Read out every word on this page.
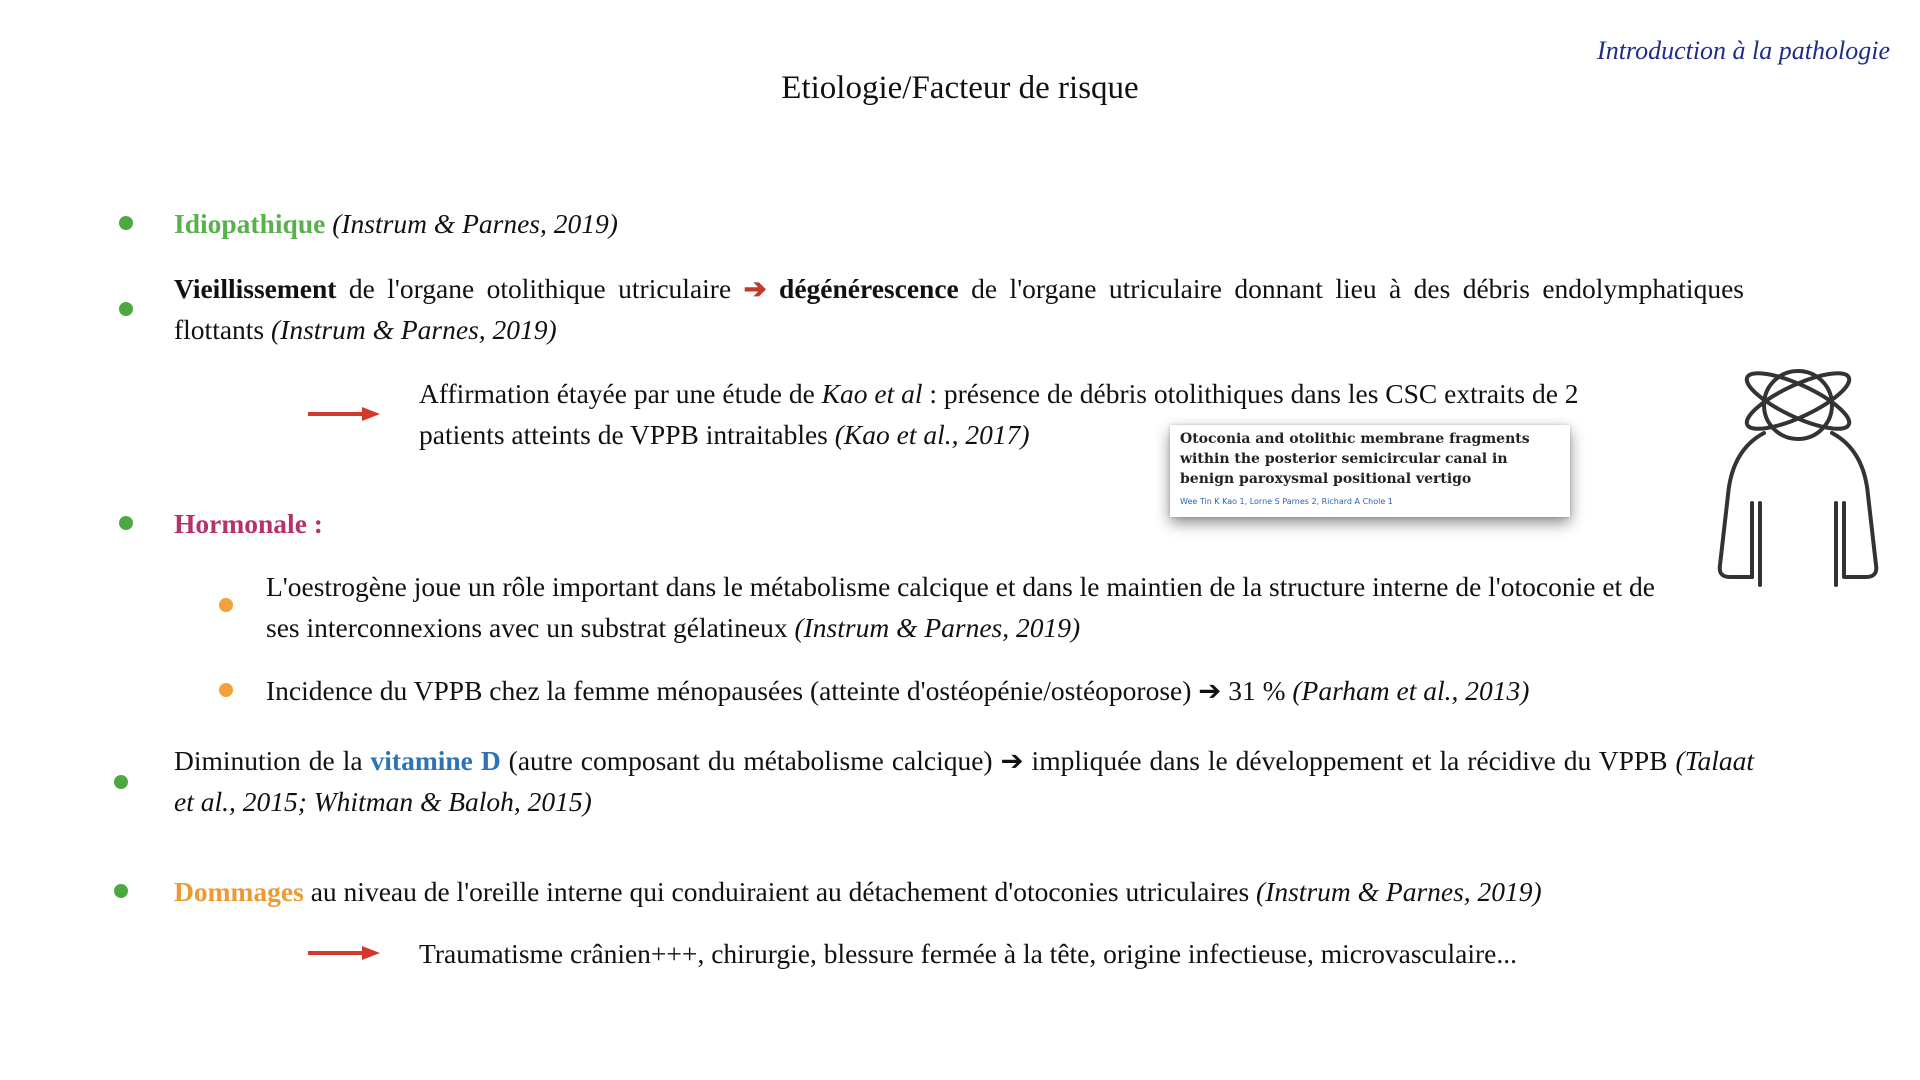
Introduction à la pathologie
Etiologie/Facteur de risque
Idiopathique (Instrum & Parnes, 2019)
Vieillissement de l'organe otolithique utriculaire ➔ dégénérescence de l'organe utriculaire donnant lieu à des débris endolymphatiques flottants (Instrum & Parnes, 2019)
Affirmation étayée par une étude de Kao et al : présence de débris otolithiques dans les CSC extraits de 2 patients atteints de VPPB intraitables (Kao et al., 2017)	Otoconia and otolithic membrane fragments within the posterior semicircular canal in benign paroxysmal positional vertigo
Wee Tin K Kao 1, Lorne S Parnes 2, Richard A Chole 1
Hormonale :
L'oestrogène joue un rôle important dans le métabolisme calcique et dans le maintien de la structure interne de l'otoconie et de ses interconnexions avec un substrat gélatineux (Instrum & Parnes, 2019)
Incidence du VPPB chez la femme ménopausées (atteinte d'ostéopénie/ostéoporose) ➔ 31 % (Parham et al., 2013)
Diminution de la vitamine D (autre composant du métabolisme calcique) ➔ impliquée dans le développement et la récidive du VPPB (Talaat et al., 2015; Whitman & Baloh, 2015)
Dommages au niveau de l'oreille interne qui conduiraient au détachement d'otoconies utriculaires (Instrum & Parnes, 2019)
Traumatisme crânien+++, chirurgie, blessure fermée à la tête, origine infectieuse, microvasculaire...
